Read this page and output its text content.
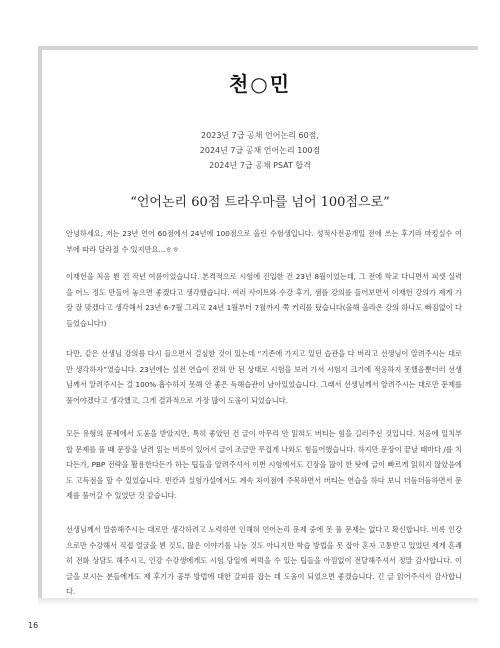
천○민
2023년 7급 공채 언어논리 60점,
2024년 7급 공채 언어논리 100점
2024년 7급 공채 PSAT 합격
“언어논리 60점 트라우마를 넘어 100점으로”
안녕하세요, 저는 23년 언어 60점에서 24년에 100점으로 올린 수험생입니다. 성적사전공개일 전에 쓰는 후기라 마킹실수 여부에 따라 달라질 수 있지만요...ㅎㅎ
이재헌을 처음 뵌 건 작년 여름이었습니다. 본격적으로 시험에 진입한 건 23년 8월이었는데, 그 전에 학교 다니면서 피셋 실력을 어느 정도 만들어 놓으면 좋겠다고 생각했습니다. 여러 사이트와 수강 후기, 샘플 강의를 들어보면서 이재헌 강의가 제게 가장 잘 맞겠다고 생각해서 23년 6-7월 그리고 24년 1월부터 7월까지 쭉 커리를 탔습니다(올해 올라온 강의 하나도 빠짐없이 다 들었습니다!)
다만, 같은 선생님 강의를 다시 들으면서 걸심한 것이 있는데 “기존에 가지고 있던 습관을 다 버리고 선생님이 알려주시는 대로만 생각하자”였습니다. 23년에는 실전 연습이 전혀 안 된 상태로 시험을 보러 가서 시험지 크기에 적응하지 못했음뿐더러 선생님께서 알려주시는 걸 100% 흡수하지 못해 안 좋은 독해습관이 남아있었습니다. 그래서 선생님께서 알려주시는 대로만 문제를 풀어야겠다고 생각했고, 그게 결과적으로 가장 많이 도움이 되었습니다.
모든 유형의 문제에서 도움을 받았지만, 특히 좋았던 건 글이 아무리 안 읽혀도 버티는 힘을 길러주신 것입니다. 처음에 일치부합 문제를 풀 때 문장을 날려 읽는 버릇이 있어서 글이 조금만 무겁게 나와도 힘들어했습니다. 하지만 문장이 끝날 때마다 /를 치다든가, PBP 전략을 활용한다든가 하는 팁들을 알려주셔서 이번 시험에서도 긴장을 많이 한 탓에 글이 빠르게 읽히지 않았음에도 고득점을 할 수 있었습니다. 빈칸과 실험가설에서도 계속 차이점에 주목하면서 버티는 연습을 하다 보니 더듬더듬하면서 문제를 풀어갈 수 있었던 것 같습니다.
선생님께서 말씀해주시는 대로만 생각하려고 노력하면 인해혀 언어논리 문제 중에 못 풀 문제는 없다고 확신합니다. 비록 인강으로만 수강해서 직접 얼굴을 뵌 것도, 많은 이야기를 나눈 것도 아니지만 학습 방법을 못 잡아 혼자 고통받고 있었던 제게 흔쾌히 전화 상담도 해주시고, 인강 수강생에게도 시험 당일에 써먹을 수 있는 팁들을 아낌없이 전달해주셔서 정말 감사합니다. 이 글을 보시는 분들에게도 제 후기가 공부 방법에 대한 갈피를 잡는 데 도움이 되었으면 좋겠습니다. 긴 글 읽어주셔서 감사합니다.
16
